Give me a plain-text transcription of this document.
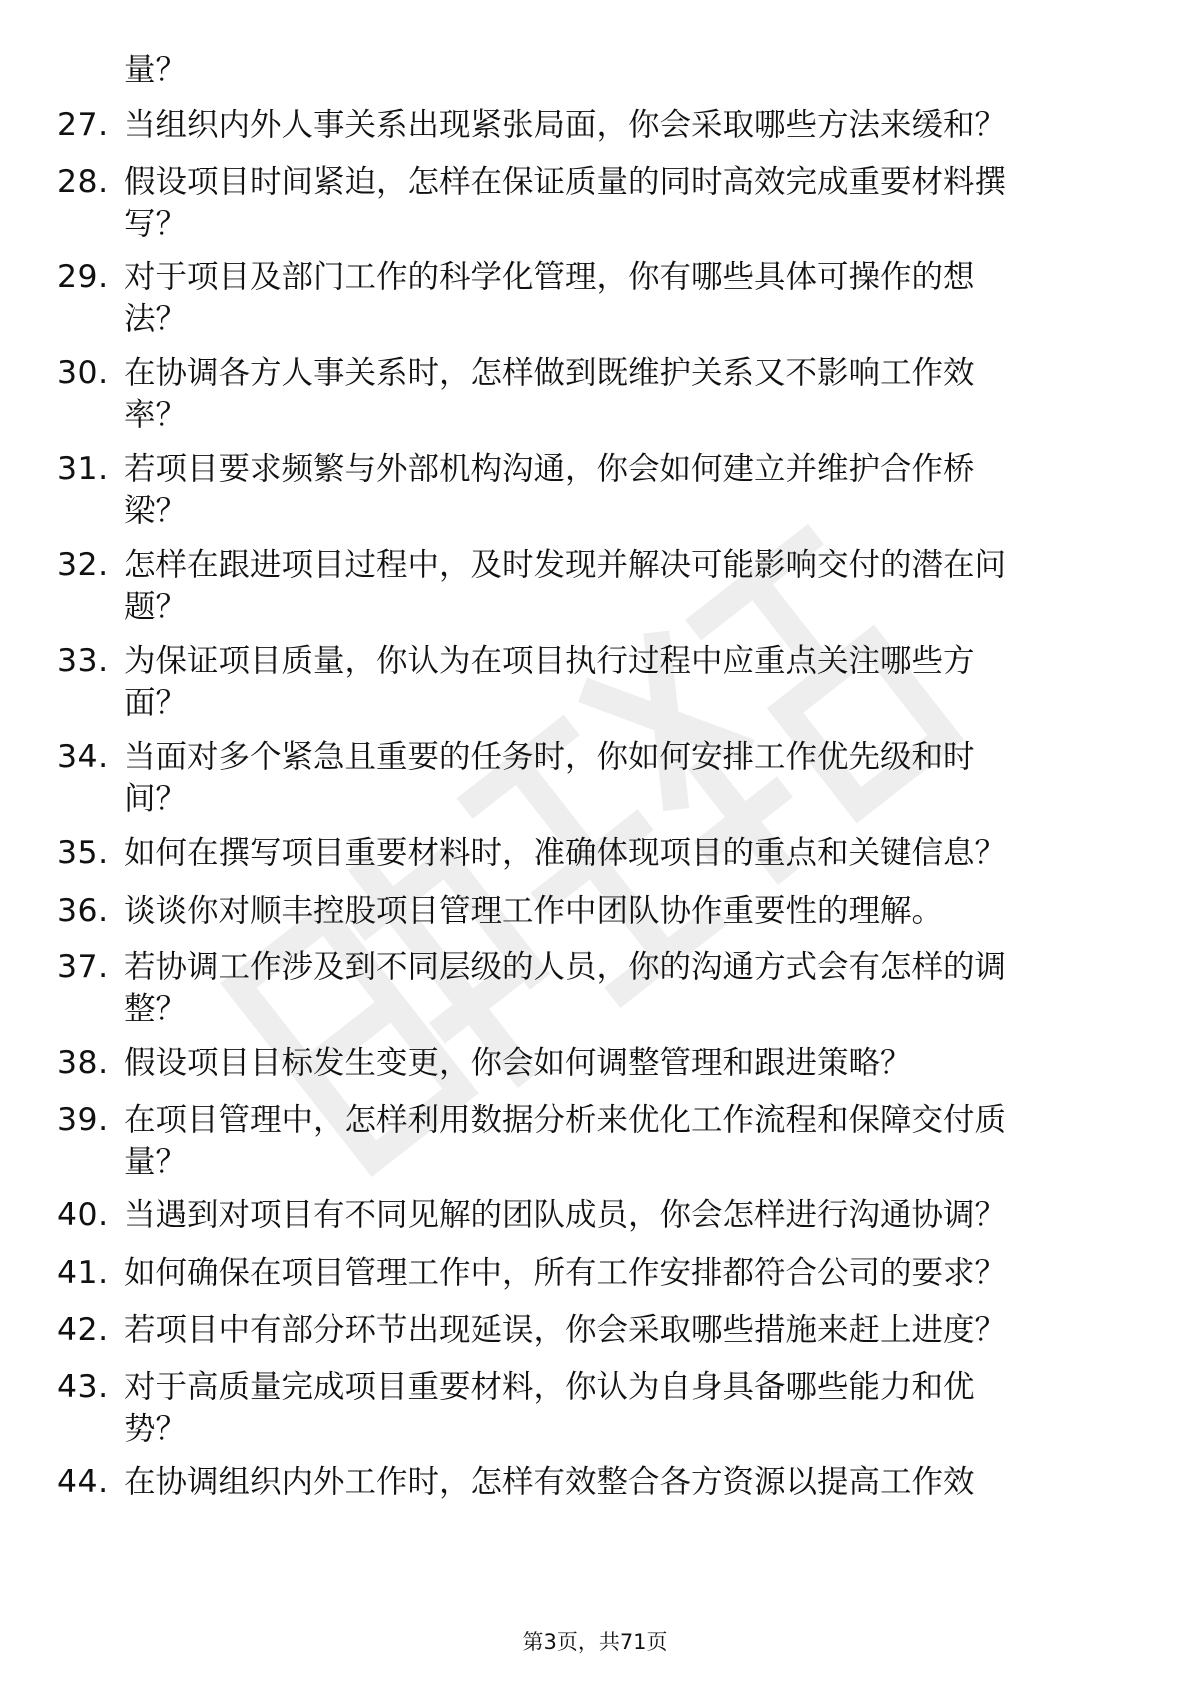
量？
27. 当组织内外人事关系出现紧张局面，你会采取哪些方法来缓和？
28. 假设项目时间紧迫，怎样在保证质量的同时高效完成重要材料撰
写？
29. 对于项目及部门工作的科学化管理，你有哪些具体可操作的想
法？
30. 在协调各方人事关系时，怎样做到既维护关系又不影响工作效
率？
31. 若项目要求频繁与外部机构沟通，你会如何建立并维护合作桥
梁？
32. 怎样在跟进项目过程中，及时发现并解决可能影响交付的潜在问
题？
33. 为保证项目质量，你认为在项目执行过程中应重点关注哪些方
面？
34. 当面对多个紧急且重要的任务时，你如何安排工作优先级和时
间？
35. 如何在撰写项目重要材料时，准确体现项目的重点和关键信息？
36. 谈谈你对顺丰控股项目管理工作中团队协作重要性的理解。
37. 若协调工作涉及到不同层级的人员，你的沟通方式会有怎样的调
整？
38. 假设项目目标发生变更，你会如何调整管理和跟进策略？
39. 在项目管理中，怎样利用数据分析来优化工作流程和保障交付质
量？
40. 当遇到对项目有不同见解的团队成员，你会怎样进行沟通协调？
41. 如何确保在项目管理工作中，所有工作安排都符合公司的要求？
42. 若项目中有部分环节出现延误，你会采取哪些措施来赶上进度？
43. 对于高质量完成项目重要材料，你认为自身具备哪些能力和优
势？
44. 在协调组织内外工作时，怎样有效整合各方资源以提高工作效
第3页，共71页
